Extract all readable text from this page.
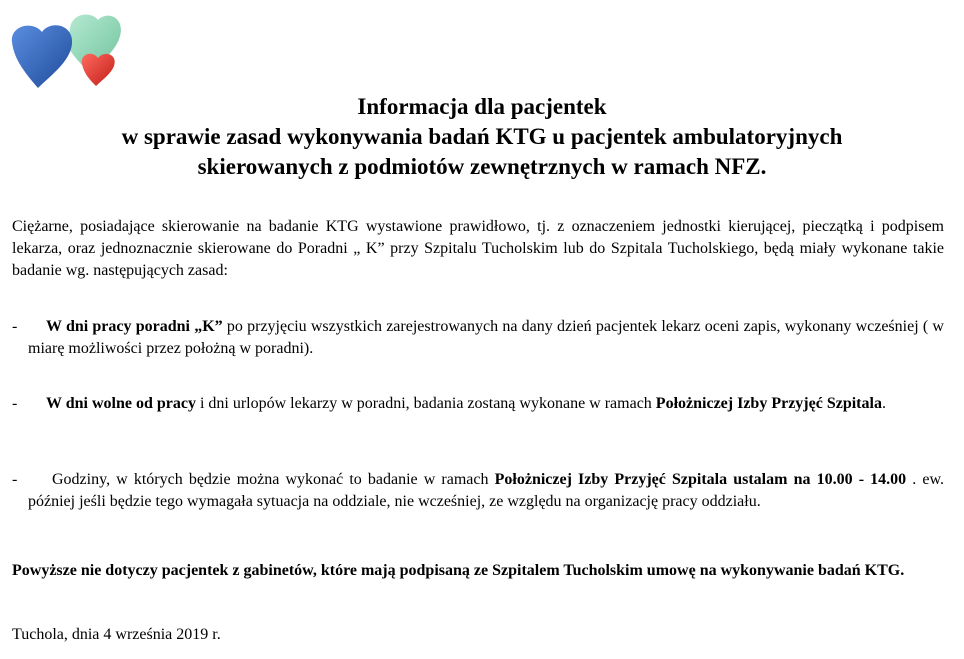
Informacja dla pacjentek
w sprawie zasad wykonywania badań KTG u pacjentek ambulatoryjnych
skierowanych z podmiotów zewnętrznych w ramach NFZ.
Ciężarne, posiadające skierowanie na badanie KTG wystawione prawidłowo, tj. z oznaczeniem jednostki kierującej, pieczątką i podpisem lekarza, oraz jednoznacznie skierowane do Poradni „ K” przy Szpitalu Tucholskim lub do Szpitala Tucholskiego, będą miały wykonane takie badanie wg. następujących zasad:
-	W dni pracy poradni „K” po przyjęciu wszystkich zarejestrowanych na dany dzień pacjentek lekarz oceni zapis, wykonany wcześniej ( w miarę możliwości przez położną w poradni).
-	W dni wolne od pracy i dni urlopów lekarzy w poradni, badania zostaną wykonane w ramach Położniczej Izby Przyjęć Szpitala.
-	Godziny, w których będzie można wykonać to badanie w ramach Położniczej Izby Przyjęć Szpitala ustalam na 10.00 - 14.00 . ew. później jeśli będzie tego wymagała sytuacja na oddziale, nie wcześniej, ze względu na organizację pracy oddziału.
Powyższe nie dotyczy pacjentek z gabinetów, które mają podpisaną ze Szpitalem Tucholskim umowę na wykonywanie badań KTG.
Tuchola, dnia 4 września 2019 r.
